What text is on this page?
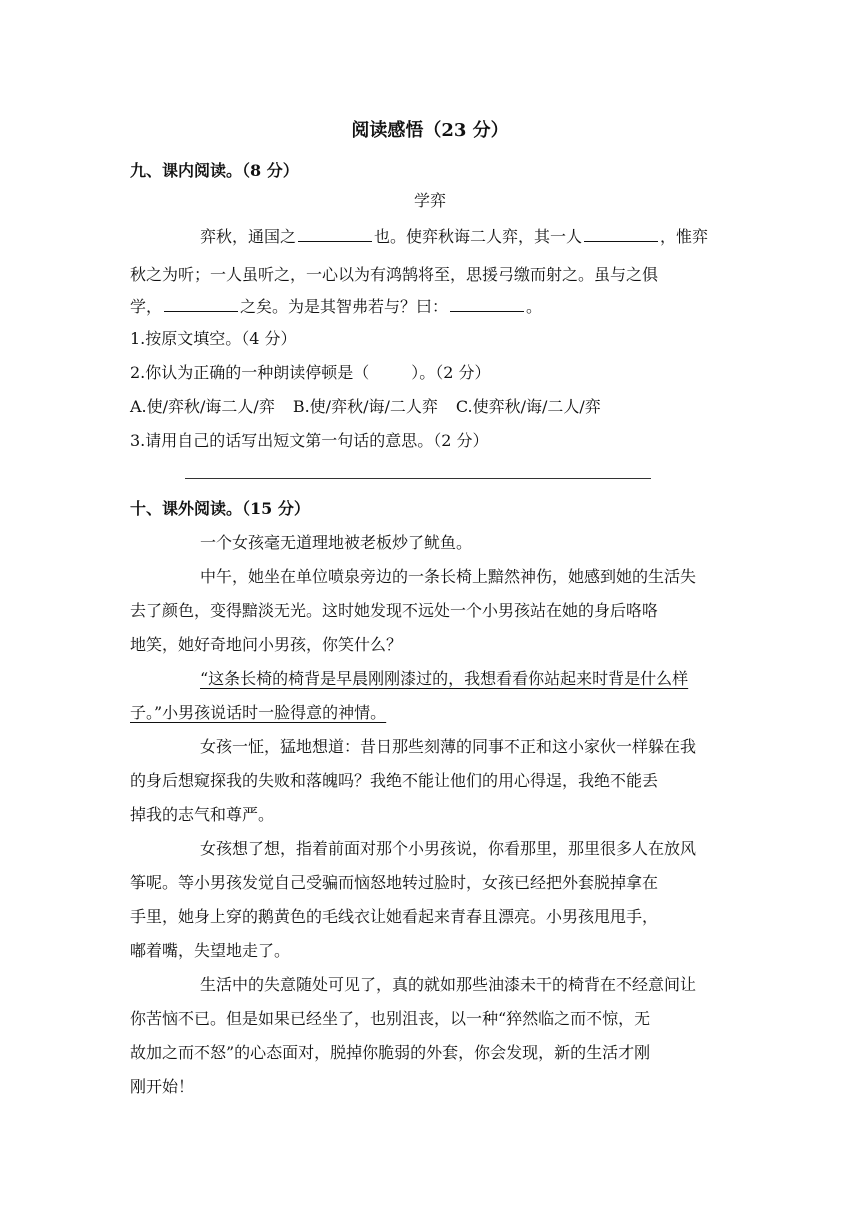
阅读感悟（23 分）
九、课内阅读。（8 分）
学弈
弈秋，通国之	也。使弈秋诲二人弈，其一人	，惟弈
秋之为听；一人虽听之，一心以为有鸿鹄将至，思援弓缴而射之。虽与之俱
学，	之矣。为是其智弗若与？曰：	。
1.按原文填空。（4 分）
2.你认为正确的一种朗读停顿是（	）。（2 分）
A.使/弈秋/诲二人/弈 B.使/弈秋/诲/二人弈 C.使弈秋/诲/二人/弈
3.请用自己的话写出短文第一句话的意思。（2 分）
十、课外阅读。（15 分）
一个女孩毫无道理地被老板炒了鱿鱼。
中午，她坐在单位喷泉旁边的一条长椅上黯然神伤，她感到她的生活失
去了颜色，变得黯淡无光。这时她发现不远处一个小男孩站在她的身后咯咯
地笑，她好奇地问小男孩，你笑什么？
“这条长椅的椅背是早晨刚刚漆过的，我想看看你站起来时背是什么样
子。”小男孩说话时一脸得意的神情。
女孩一怔，猛地想道：昔日那些刻薄的同事不正和这小家伙一样躲在我
的身后想窥探我的失败和落魄吗？我绝不能让他们的用心得逞，我绝不能丢
掉我的志气和尊严。
女孩想了想，指着前面对那个小男孩说，你看那里，那里很多人在放风
筝呢。等小男孩发觉自己受骗而恼怒地转过脸时，女孩已经把外套脱掉拿在
手里，她身上穿的鹅黄色的毛线衣让她看起来青春且漂亮。小男孩甩甩手，
嘟着嘴，失望地走了。
生活中的失意随处可见了，真的就如那些油漆未干的椅背在不经意间让
你苦恼不已。但是如果已经坐了，也别沮丧，以一种“猝然临之而不惊，无
故加之而不怒”的心态面对，脱掉你脆弱的外套，你会发现，新的生活才刚
刚开始！
